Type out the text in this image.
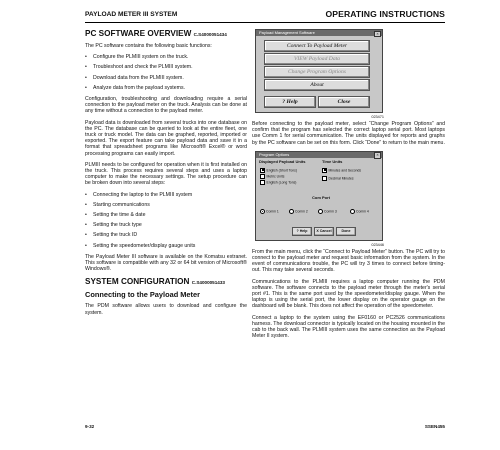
PAYLOAD METER III SYSTEM	OPERATING INSTRUCTIONS
PC SOFTWARE OVERVIEW C.S4000051434

The PC software contains the following basic functions:

• Configure the PLMIII system on the truck.
• Troubleshoot and check the PLMIII system.
• Download data from the PLMIII system.
• Analyze data from the payload systems.

Configuration, troubleshooting and downloading require a serial connection to the payload meter on the truck. Analysis can be done at any time without a connection to the payload meter.

Payload data is downloaded from several trucks into one database on the PC. The database can be queried to look at the entire fleet, one truck or truck model. The data can be graphed, reported, imported or exported. The export feature can take payload data and save it in a format that spreadsheet programs like Microsoft® Excel® or word processing programs can easily import.

PLMIII needs to be configured for operation when it is first installed on the truck. This process requires several steps and uses a laptop computer to make the necessary settings. The setup procedure can be broken down into several steps:

• Connecting the laptop to the PLMIII system
• Starting communications
• Setting the time & date
• Setting the truck type
• Setting the truck ID
• Setting the speedometer/display gauge units

The Payload Meter III software is available on the Komatsu extranet. This software is compatible with any 32 or 64 bit version of Microsoft® Windows®.

SYSTEM CONFIGURATION C.S4000051433
Connecting to the Payload Meter

The PDM software allows users to download and configure the system.

Payload Management Software	×
Connect To Payload Meter
VIEW Payload Data
Change Program Options
About
? Help	Close
023471

Before connecting to the payload meter, select “Change Program Options” and confirm that the program has selected the correct laptop serial port. Most laptops use Comm 1 for serial communication. The units displayed for reports and graphs by the PC software can be set on this form. Click “Done” to return to the main menu.

Program Options	×
Displayed Payload Units
English (Short Tons)
Metric Units
English (Long Tons)
Time Units
Minutes and Seconds
Decimal Minutes
Com Port
Comm 1	Comm 2	Comm 3	Comm 4
? Help	X Cancel	Done
023446

From the main menu, click the “Connect to Payload Meter” button. The PC will try to connect to the payload meter and request basic information from the system. In the event of communications trouble, the PC will try 3 times to connect before timing-out. This may take several seconds.

Communications to the PLMIII requires a laptop computer running the PDM software. The software connects to the payload meter through the meter's serial port #1. This is the same port used by the speedometer/display gauge. When the laptop is using the serial port, the lower display on the operator gauge on the dashboard will be blank. This does not affect the operation of the speedometer.

Connect a laptop to the system using the EF0160 or PC2526 communications harness. The download connector is typically located on the housing mounted in the cab to the back wall. The PLMIII system uses the same connection as the Payload Meter II system.

9-32	SSEN455
